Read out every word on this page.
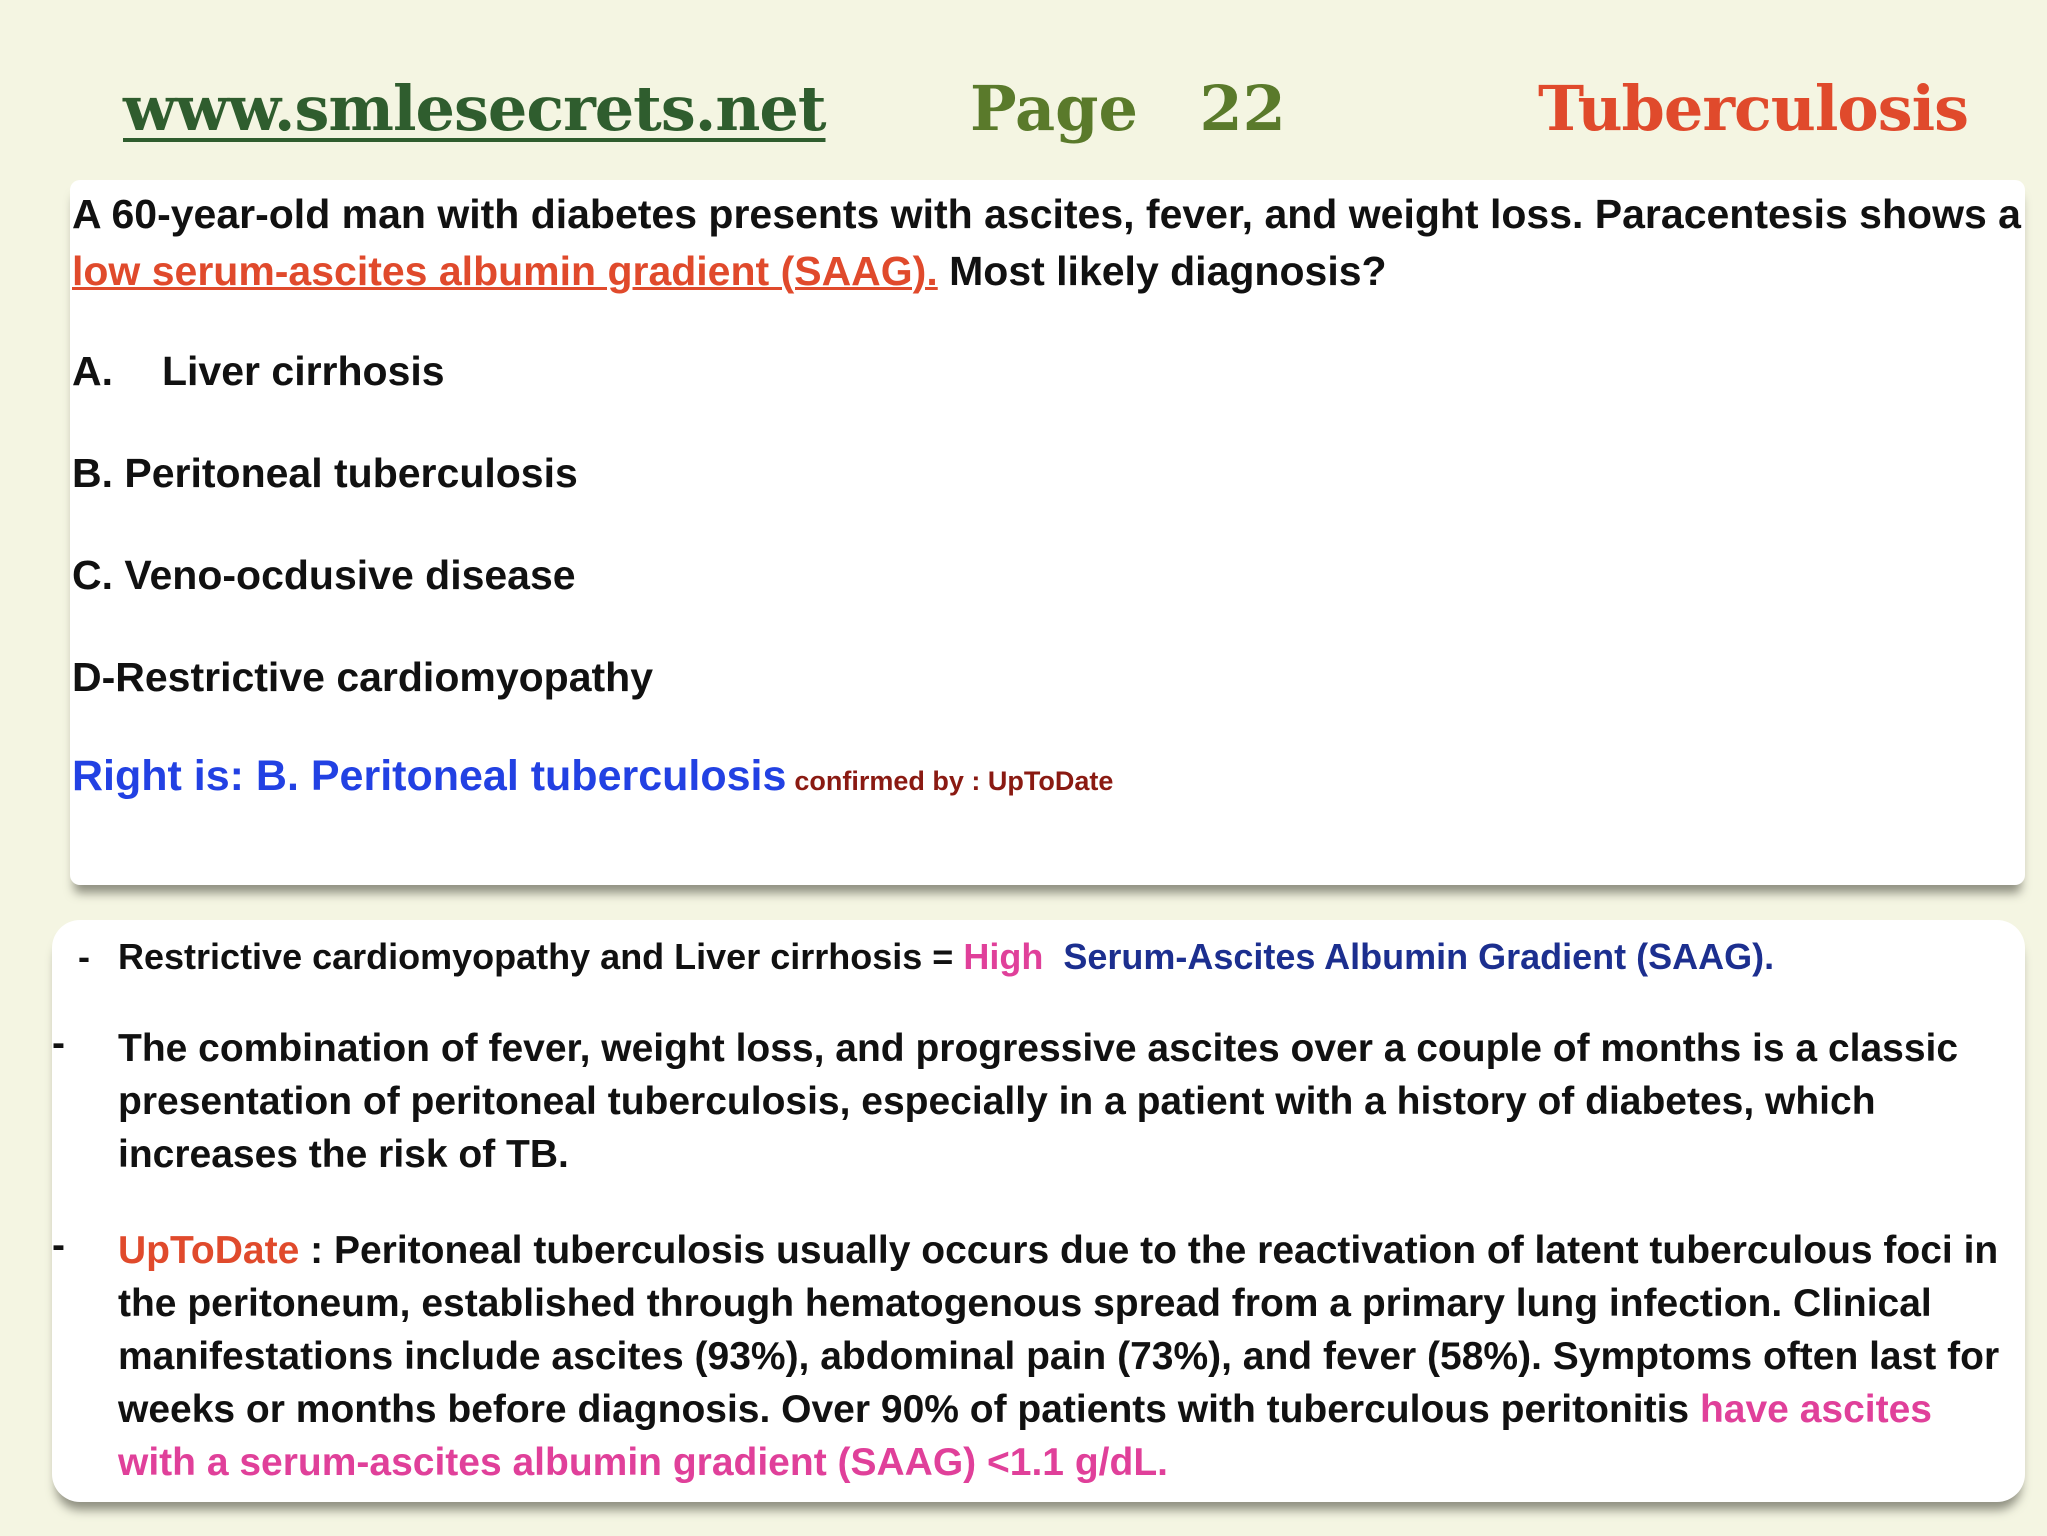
www.smlesecrets.net Page 22	Tuberculosis
A 60-year-old man with diabetes presents with ascites, fever, and weight loss. Paracentesis shows a low serum-ascites albumin gradient (SAAG). Most likely diagnosis?
A. Liver cirrhosis
B. Peritoneal tuberculosis
C. Veno-ocdusive disease
D-Restrictive cardiomyopathy
Right is: B. Peritoneal tuberculosis confirmed by : UpToDate
- Restrictive cardiomyopathy and Liver cirrhosis = High Serum-Ascites Albumin Gradient (SAAG).
- The combination of fever, weight loss, and progressive ascites over a couple of months is a classic presentation of peritoneal tuberculosis, especially in a patient with a history of diabetes, which increases the risk of TB.
- UpToDate : Peritoneal tuberculosis usually occurs due to the reactivation of latent tuberculous foci in the peritoneum, established through hematogenous spread from a primary lung infection. Clinical manifestations include ascites (93%), abdominal pain (73%), and fever (58%). Symptoms often last for weeks or months before diagnosis. Over 90% of patients with tuberculous peritonitis have ascites with a serum-ascites albumin gradient (SAAG) <1.1 g/dL.
